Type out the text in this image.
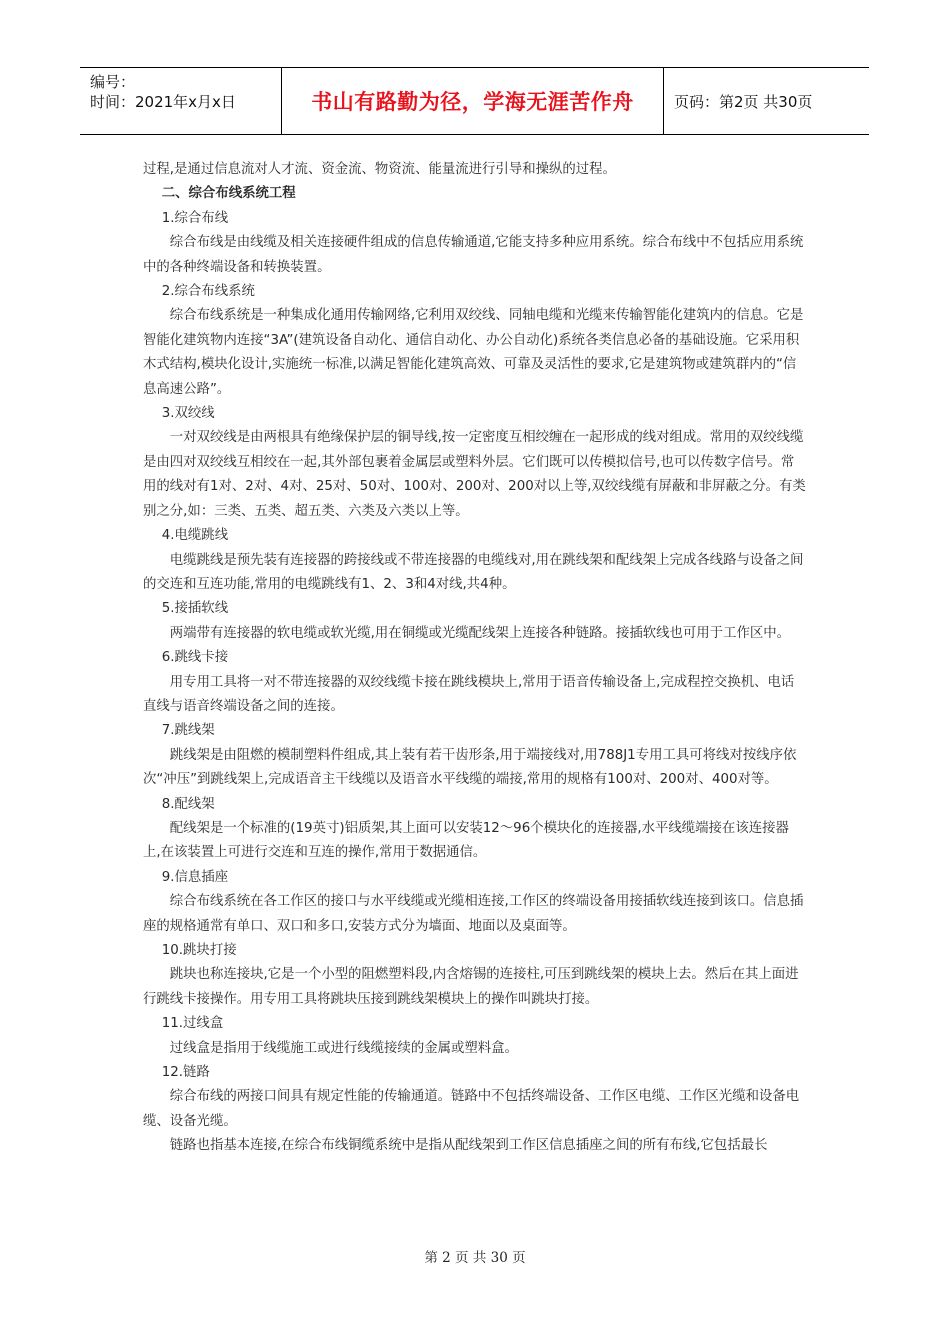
编号：
时间：2021年x月x日	书山有路勤为径，学海无涯苦作舟	页码：第2页 共30页

过程,是通过信息流对人才流、资金流、物资流、能量流进行引导和操纵的过程。

二、综合布线系统工程

1.综合布线

综合布线是由线缆及相关连接硬件组成的信息传输通道,它能支持多种应用系统。综合布线中不包括应用系统中的各种终端设备和转换装置。

2.综合布线系统

综合布线系统是一种集成化通用传输网络,它利用双绞线、同轴电缆和光缆来传输智能化建筑内的信息。它是智能化建筑物内连接“3A”(建筑设备自动化、通信自动化、办公自动化)系统各类信息必备的基础设施。它采用积木式结构,模块化设计,实施统一标准,以满足智能化建筑高效、可靠及灵活性的要求,它是建筑物或建筑群内的“信息高速公路”。

3.双绞线

一对双绞线是由两根具有绝缘保护层的铜导线,按一定密度互相绞缠在一起形成的线对组成。常用的双绞线缆是由四对双绞线互相绞在一起,其外部包裹着金属层或塑料外层。它们既可以传模拟信号,也可以传数字信号。常用的线对有1对、2对、4对、25对、50对、100对、200对、200对以上等,双绞线缆有屏蔽和非屏蔽之分。有类别之分,如：三类、五类、超五类、六类及六类以上等。

4.电缆跳线

电缆跳线是预先装有连接器的跨接线或不带连接器的电缆线对,用在跳线架和配线架上完成各线路与设备之间的交连和互连功能,常用的电缆跳线有1、2、3和4对线,共4种。

5.接插软线

两端带有连接器的软电缆或软光缆,用在铜缆或光缆配线架上连接各种链路。接插软线也可用于工作区中。

6.跳线卡接

用专用工具将一对不带连接器的双绞线缆卡接在跳线模块上,常用于语音传输设备上,完成程控交换机、电话直线与语音终端设备之间的连接。

7.跳线架

跳线架是由阻燃的模制塑料件组成,其上装有若干齿形条,用于端接线对,用788J1专用工具可将线对按线序依次“冲压”到跳线架上,完成语音主干线缆以及语音水平线缆的端接,常用的规格有100对、200对、400对等。

8.配线架

配线架是一个标准的(19英寸)铝质架,其上面可以安装12～96个模块化的连接器,水平线缆端接在该连接器上,在该装置上可进行交连和互连的操作,常用于数据通信。

9.信息插座

综合布线系统在各工作区的接口与水平线缆或光缆相连接,工作区的终端设备用接插软线连接到该口。信息插座的规格通常有单口、双口和多口,安装方式分为墙面、地面以及桌面等。

10.跳块打接

跳块也称连接块,它是一个小型的阻燃塑料段,内含熔锡的连接柱,可压到跳线架的模块上去。然后在其上面进行跳线卡接操作。用专用工具将跳块压接到跳线架模块上的操作叫跳块打接。

11.过线盒

过线盒是指用于线缆施工或进行线缆接续的金属或塑料盒。

12.链路

综合布线的两接口间具有规定性能的传输通道。链路中不包括终端设备、工作区电缆、工作区光缆和设备电缆、设备光缆。

链路也指基本连接,在综合布线铜缆系统中是指从配线架到工作区信息插座之间的所有布线,它包括最长

第 2 页 共 30 页
